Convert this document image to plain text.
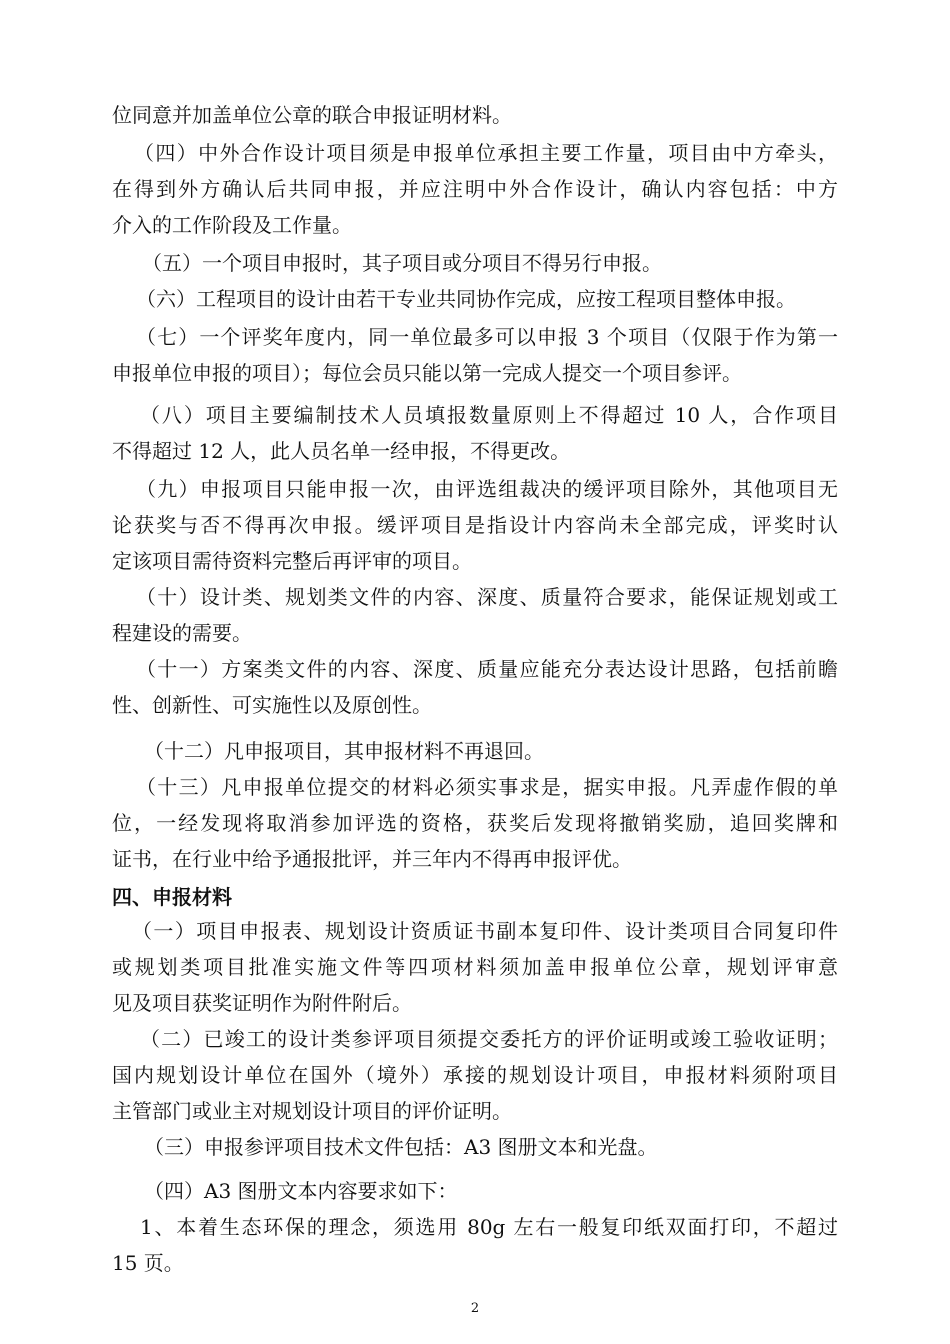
位同意并加盖单位公章的联合申报证明材料。
（四）中外合作设计项目须是申报单位承担主要工作量，项目由中方牵头，
在得到外方确认后共同申报，并应注明中外合作设计，确认内容包括：中方
介入的工作阶段及工作量。
（五）一个项目申报时，其子项目或分项目不得另行申报。
（六）工程项目的设计由若干专业共同协作完成，应按工程项目整体申报。
（七）一个评奖年度内，同一单位最多可以申报 3 个项目（仅限于作为第一
申报单位申报的项目）；每位会员只能以第一完成人提交一个项目参评。
（八）项目主要编制技术人员填报数量原则上不得超过 10 人，合作项目
不得超过 12 人，此人员名单一经申报，不得更改。
（九）申报项目只能申报一次，由评选组裁决的缓评项目除外，其他项目无
论获奖与否不得再次申报。缓评项目是指设计内容尚未全部完成，评奖时认
定该项目需待资料完整后再评审的项目。
（十）设计类、规划类文件的内容、深度、质量符合要求，能保证规划或工
程建设的需要。
（十一）方案类文件的内容、深度、质量应能充分表达设计思路，包括前瞻
性、创新性、可实施性以及原创性。
（十二）凡申报项目，其申报材料不再退回。
（十三）凡申报单位提交的材料必须实事求是，据实申报。凡弄虚作假的单
位，一经发现将取消参加评选的资格，获奖后发现将撤销奖励，追回奖牌和
证书，在行业中给予通报批评，并三年内不得再申报评优。
四、申报材料
（一）项目申报表、规划设计资质证书副本复印件、设计类项目合同复印件
或规划类项目批准实施文件等四项材料须加盖申报单位公章，规划评审意
见及项目获奖证明作为附件附后。
（二）已竣工的设计类参评项目须提交委托方的评价证明或竣工验收证明；
国内规划设计单位在国外（境外）承接的规划设计项目，申报材料须附项目
主管部门或业主对规划设计项目的评价证明。
（三）申报参评项目技术文件包括：A3 图册文本和光盘。
（四）A3 图册文本内容要求如下：
1、本着生态环保的理念，须选用 80g 左右一般复印纸双面打印，不超过
15 页。
2
